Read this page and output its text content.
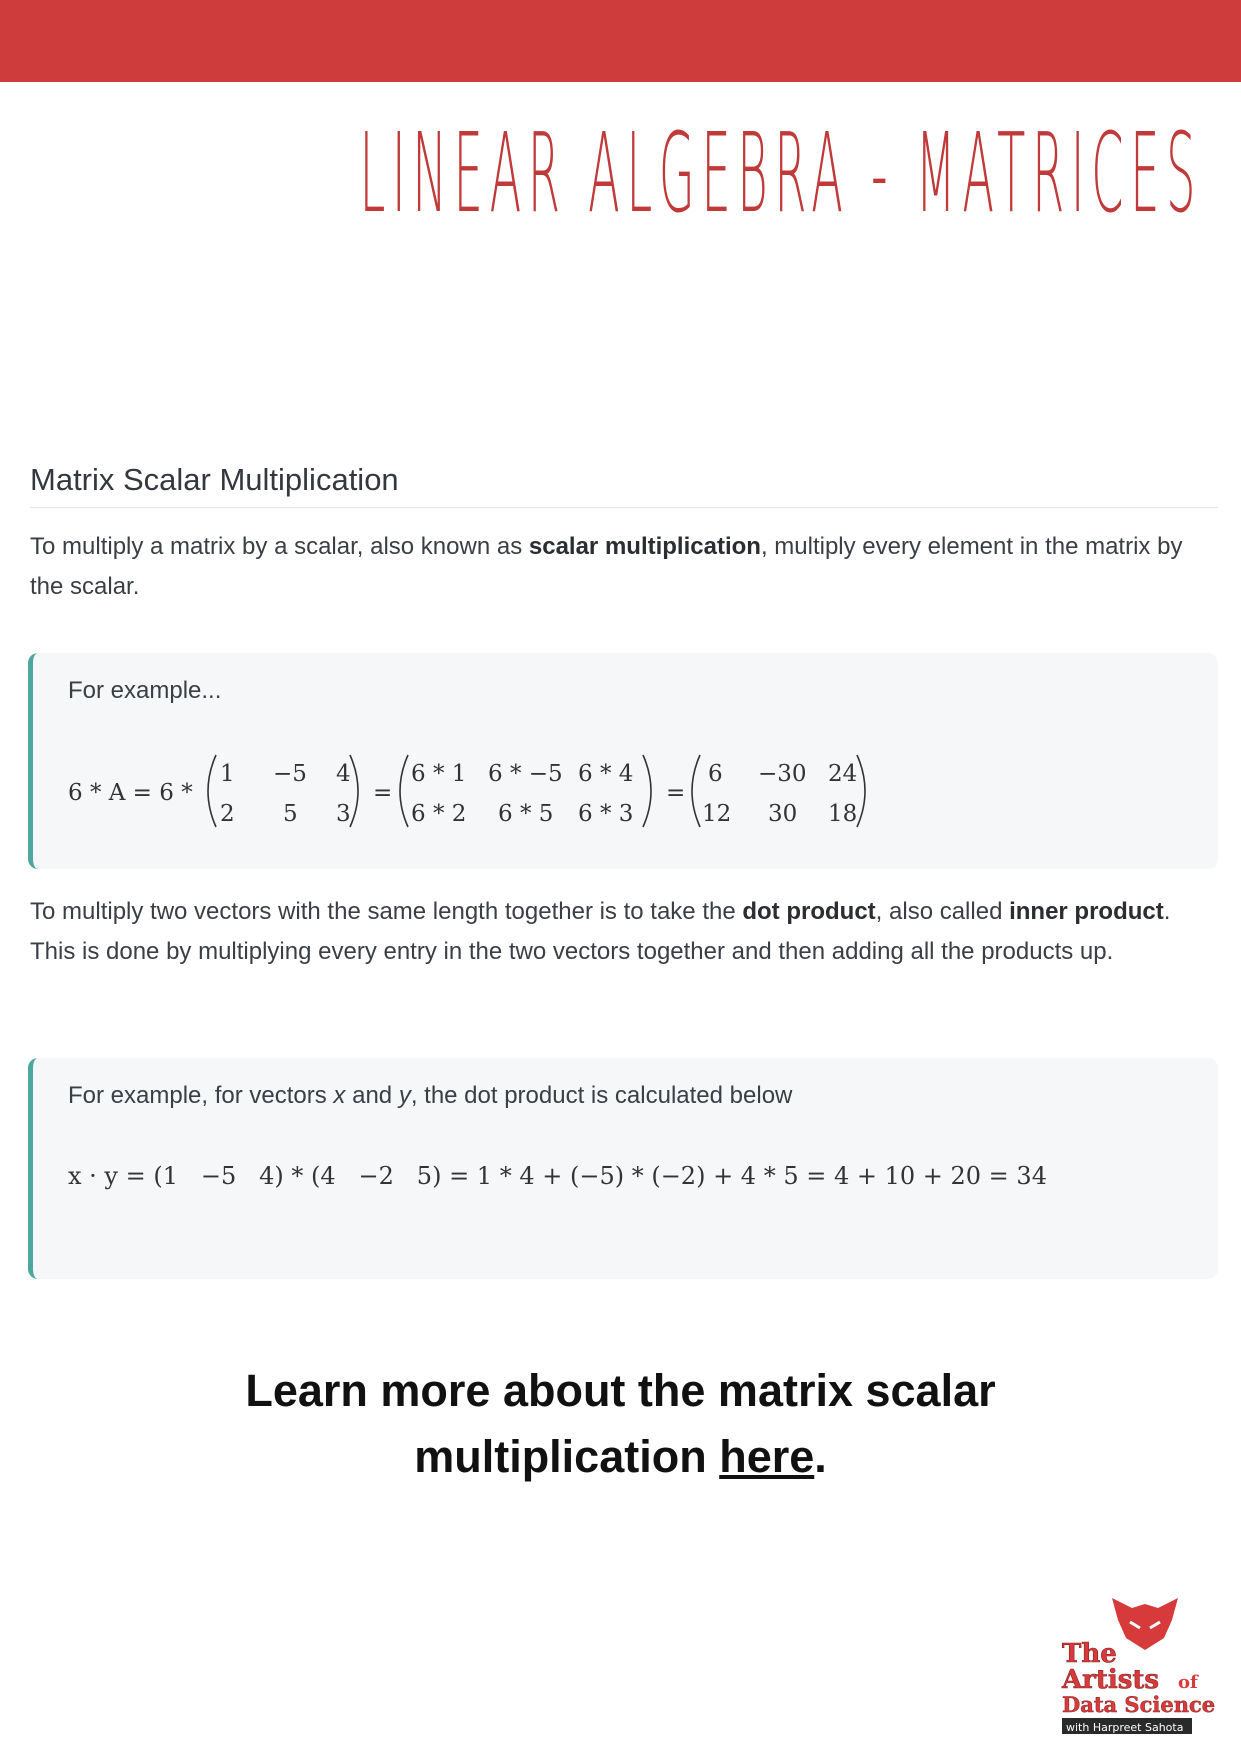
LINEAR ALGEBRA - MATRICES
Matrix Scalar Multiplication
To multiply a matrix by a scalar, also known as scalar multiplication, multiply every element in the matrix by the scalar.
For example...
6 * A = 6 *
1 −5 4
2 5 3
=
6 * 1 6 * −5 6 * 4
6 * 2 6 * 5 6 * 3
=
6 −30 24
12 30 18
To multiply two vectors with the same length together is to take the dot product, also called inner product. This is done by multiplying every entry in the two vectors together and then adding all the products up.
For example, for vectors x and y, the dot product is calculated below
x · y = (1   −5   4) * (4   −2   5) = 1 * 4 + (−5) * (−2) + 4 * 5 = 4 + 10 + 20 = 34
Learn more about the matrix scalar
multiplication here.
The
Artists of
Data Science
with Harpreet Sahota
